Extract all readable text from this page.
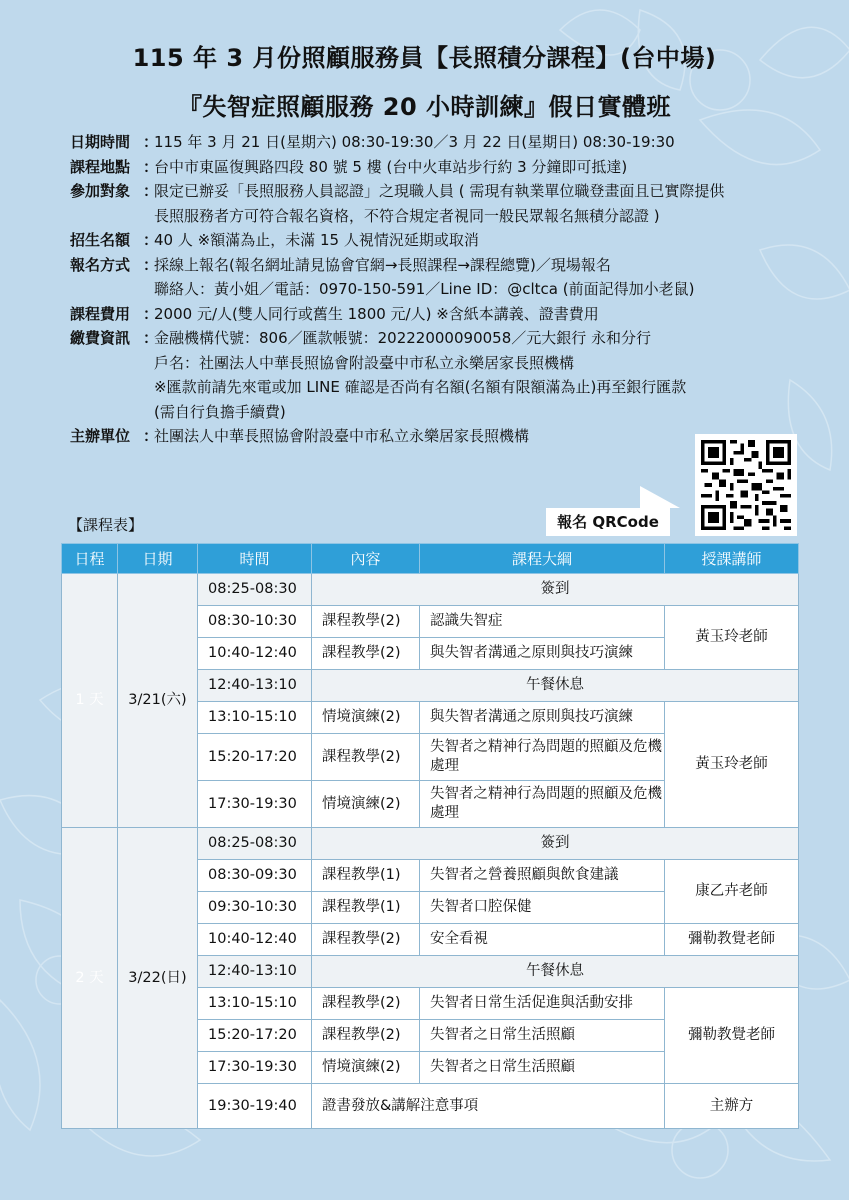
115 年 3 月份照顧服務員【長照積分課程】(台中場)
『失智症照顧服務 20 小時訓練』假日實體班
日期時間 ：
115 年 3 月 21 日(星期六) 08:30-19:30／3 月 22 日(星期日) 08:30-19:30
課程地點 ：
台中市東區復興路四段 80 號 5 樓 (台中火車站步行約 3 分鐘即可抵達)
參加對象 ：
限定已辦妥「長照服務人員認證」之現職人員 ( 需現有執業單位職登畫面且已實際提供
長照服務者方可符合報名資格，不符合規定者視同一般民眾報名無積分認證 )
招生名額 ：
40 人 ※額滿為止，未滿 15 人視情況延期或取消
報名方式 ：
採線上報名(報名網址請見協會官網→長照課程→課程總覽)／現場報名
聯絡人：黃小姐／電話：0970-150-591／Line ID：@cltca (前面記得加小老鼠)
課程費用 ：
2000 元/人(雙人同行或舊生 1800 元/人) ※含紙本講義、證書費用
繳費資訊 ：
金融機構代號：806／匯款帳號：20222000090058／元大銀行 永和分行
戶名：社團法人中華長照協會附設臺中市私立永樂居家長照機構
※匯款前請先來電或加 LINE 確認是否尚有名額(名額有限額滿為止)再至銀行匯款
(需自行負擔手續費)
主辦單位 ：
社團法人中華長照協會附設臺中市私立永樂居家長照機構
報名 QRCode
【課程表】
日程	日期	時間	內容	課程大綱	授課講師
1 天	3/21(六)	08:25-08:30	簽到		
		08:30-10:30	課程教學(2)	認識失智症	黃玉玲老師
		10:40-12:40	課程教學(2)	與失智者溝通之原則與技巧演練	
		12:40-13:10	午餐休息		
		13:10-15:10	情境演練(2)	與失智者溝通之原則與技巧演練	黃玉玲老師
		15:20-17:20	課程教學(2)	失智者之精神行為問題的照顧及危機處理	
		17:30-19:30	情境演練(2)	失智者之精神行為問題的照顧及危機處理	
2 天	3/22(日)	08:25-08:30	簽到		
		08:30-09:30	課程教學(1)	失智者之營養照顧與飲食建議	康乙卉老師
		09:30-10:30	課程教學(1)	失智者口腔保健	
		10:40-12:40	課程教學(2)	安全看視	彌勒教覺老師
		12:40-13:10	午餐休息		
		13:10-15:10	課程教學(2)	失智者日常生活促進與活動安排	彌勒教覺老師
		15:20-17:20	課程教學(2)	失智者之日常生活照顧	
		17:30-19:30	情境演練(2)	失智者之日常生活照顧	
		19:30-19:40	證書發放&講解注意事項		主辦方
